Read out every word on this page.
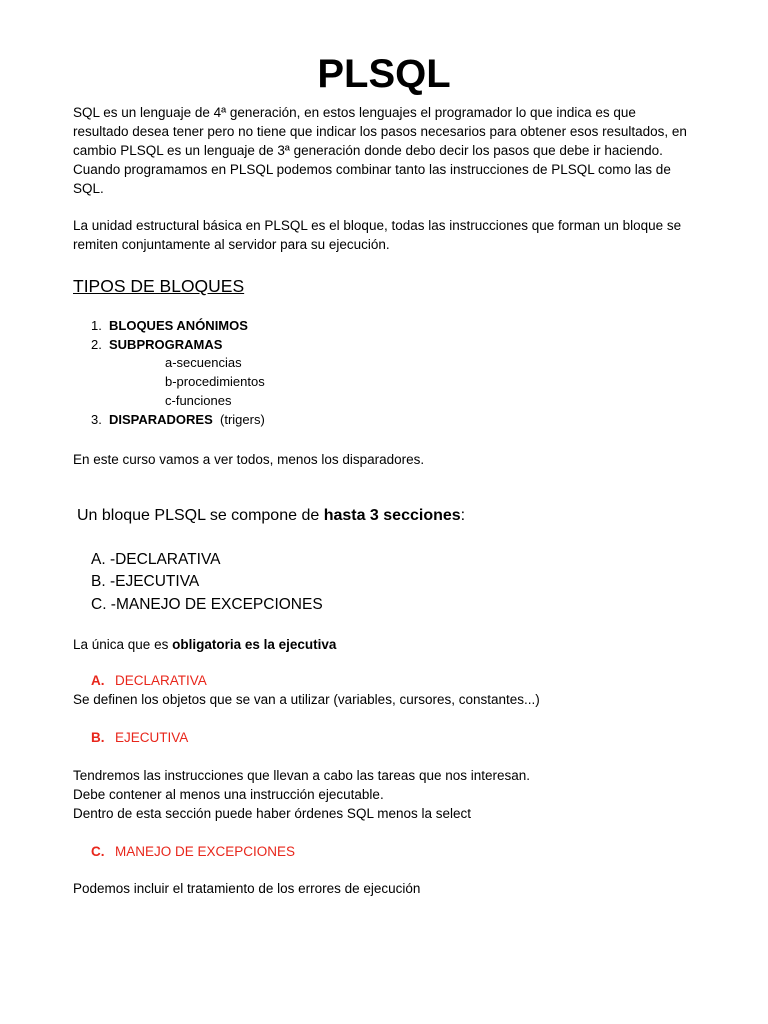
PLSQL

SQL es un lenguaje de 4ª generación, en estos lenguajes el programador lo que indica es que
resultado desea tener pero no tiene que indicar los pasos necesarios para obtener esos resultados, en
cambio PLSQL es un lenguaje de 3ª generación donde debo decir los pasos que debe ir haciendo.
Cuando programamos en PLSQL podemos combinar tanto las instrucciones de PLSQL como las de
SQL.

La unidad estructural básica en PLSQL es el bloque, todas las instrucciones que forman un bloque se
remiten conjuntamente al servidor para su ejecución.

TIPOS DE BLOQUES
1. BLOQUES ANÓNIMOS
2. SUBPROGRAMAS
a-secuencias
b-procedimientos
c-funciones
3. DISPARADORES (trigers)

En este curso vamos a ver todos, menos los disparadores.

Un bloque PLSQL se compone de hasta 3 secciones:

A. -DECLARATIVA
B. -EJECUTIVA
C. -MANEJO DE EXCEPCIONES

La única que es obligatoria es la ejecutiva

A. DECLARATIVA

Se definen los objetos que se van a utilizar (variables, cursores, constantes...)

B. EJECUTIVA

Tendremos las instrucciones que llevan a cabo las tareas que nos interesan.
Debe contener al menos una instrucción ejecutable.
Dentro de esta sección puede haber órdenes SQL menos la select

C. MANEJO DE EXCEPCIONES

Podemos incluir el tratamiento de los errores de ejecución
